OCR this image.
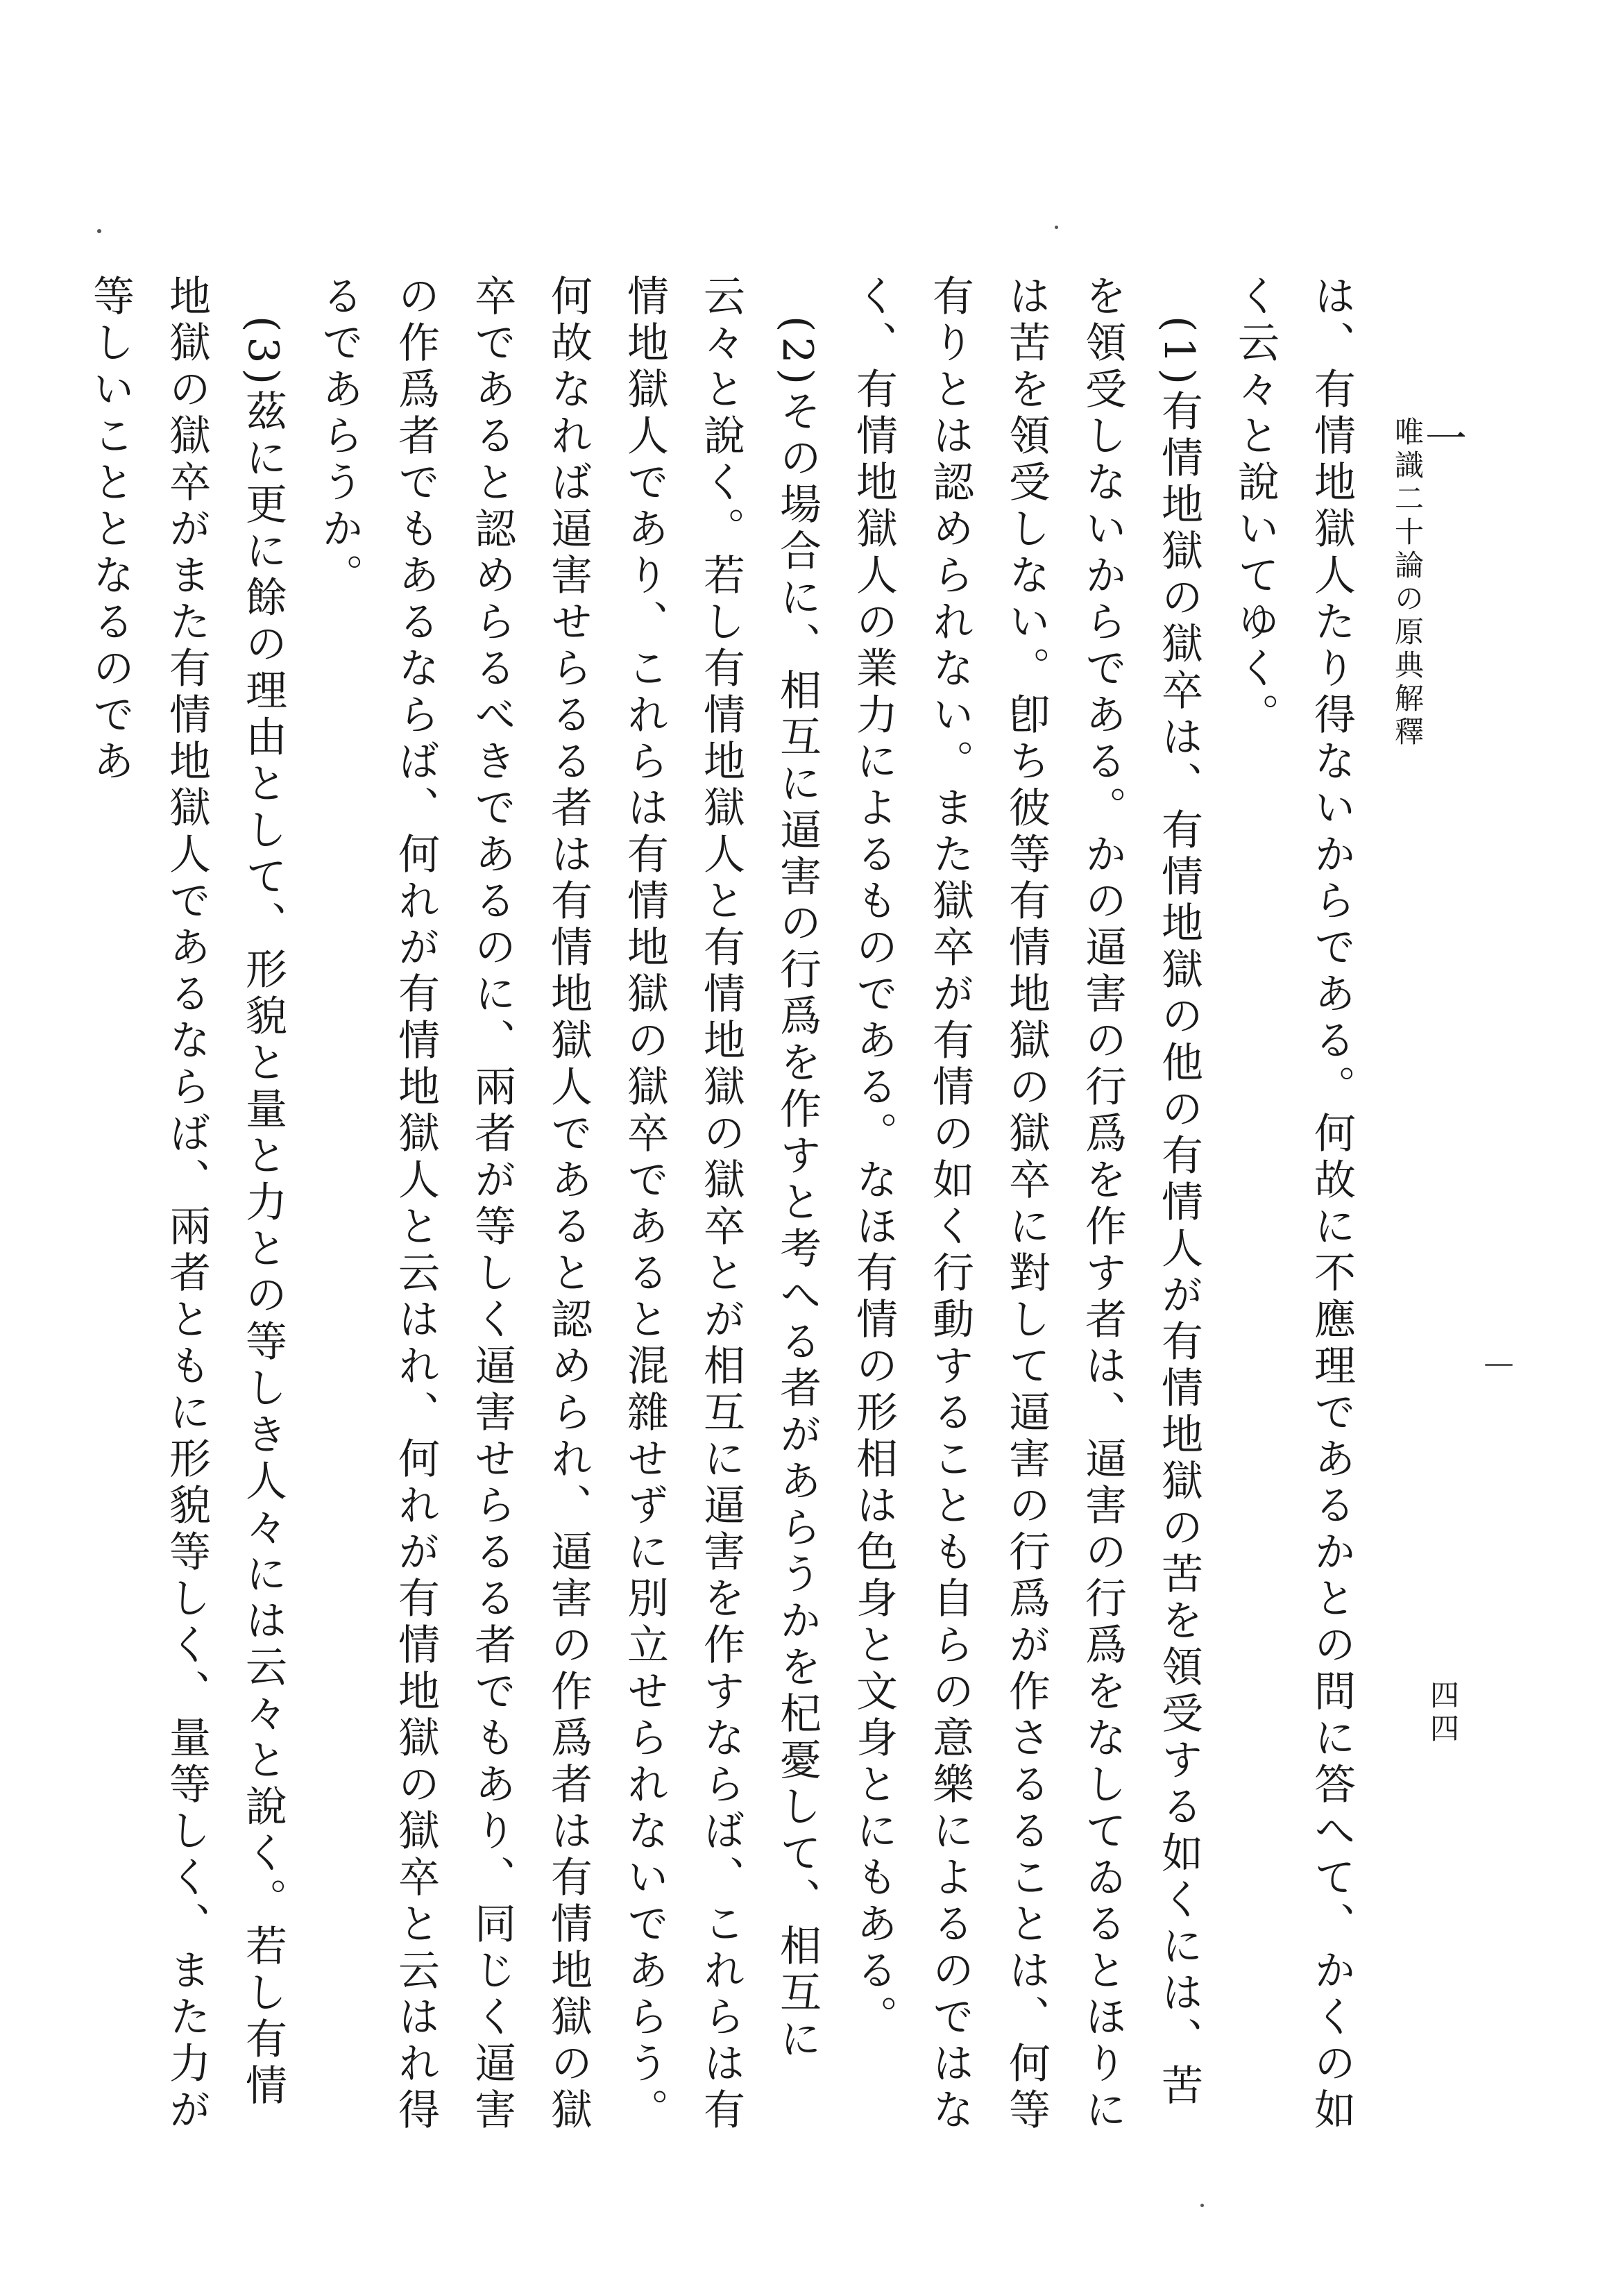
一
唯識二十論の原典解釋
四四

は、有情地獄人たり得ないからである。何故に不應理であるかとの問に答へて、かくの如く云々と說いてゆく。

(1)有情地獄の獄卒は、有情地獄の他の有情人が有情地獄の苦を領受する如くには、苦を領受しないからである。かの逼害の行爲を作す者は、逼害の行爲をなしてゐるとほりには苦を領受しない。卽ち彼等有情地獄の獄卒に對して逼害の行爲が作さるることは、何等有りとは認められない。また獄卒が有情の如く行動することも自らの意樂によるのではなく、有情地獄人の業力によるものである。なほ有情の形相は色身と文身とにもある。

(2)その場合に、相互に逼害の行爲を作すと考へる者があらうかを杞憂して、相互に云々と說く。若し有情地獄人と有情地獄の獄卒とが相互に逼害を作すならば、これらは有情地獄人であり、これらは有情地獄の獄卒であると混雜せずに別立せられないであらう。何故なれば逼害せらるる者は有情地獄人であると認められ、逼害の作爲者は有情地獄の獄卒であると認めらるべきであるのに、兩者が等しく逼害せらるる者でもあり、同じく逼害の作爲者でもあるならば、何れが有情地獄人と云はれ、何れが有情地獄の獄卒と云はれ得るであらうか。

(3)茲に更に餘の理由として、形貌と量と力との等しき人々には云々と說く。若し有情地獄の獄卒がまた有情地獄人であるならば、兩者ともに形貌等しく、量等しく、また力が等しいこととなるのであ
